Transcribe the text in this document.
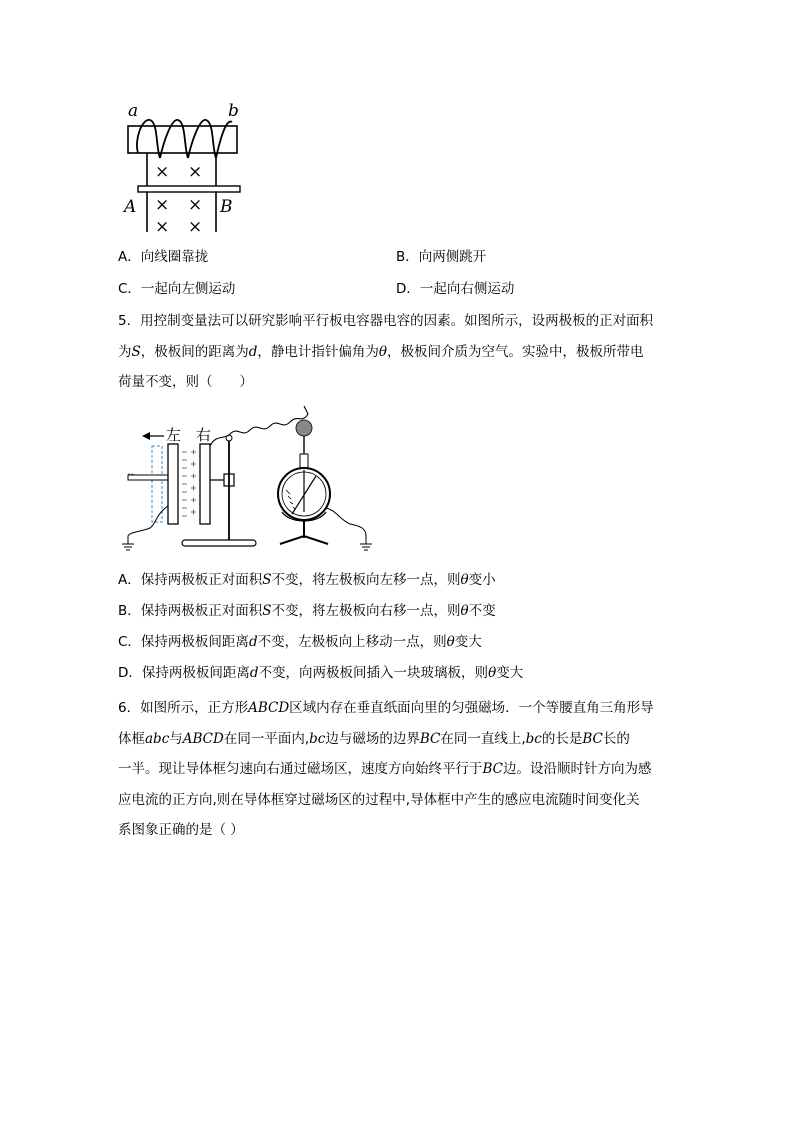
a	b
× ×
× ×
× ×
A	B
A．向线圈靠拢	B．向两侧跳开
C．一起向左侧运动	D．一起向右侧运动
5．用控制变量法可以研究影响平行板电容器电容的因素。如图所示，设两极板的正对面积
为S，极板间的距离为d，静电计指针偏角为θ，极板间介质为空气。实验中，极板所带电
荷量不变，则（　　）
左 右
A．保持两极板正对面积S不变，将左极板向左移一点，则θ变小
B．保持两极板正对面积S不变，将左极板向右移一点，则θ不变
C．保持两极板间距离d不变，左极板向上移动一点，则θ变大
D．保持两极板间距离d不变，向两极板间插入一块玻璃板，则θ变大
6．如图所示，正方形ABCD区域内存在垂直纸面向里的匀强磁场．一个等腰直角三角形导
体框abc与ABCD在同一平面内,bc边与磁场的边界BC在同一直线上,bc的长是BC长的
一半。现让导体框匀速向右通过磁场区，速度方向始终平行于BC边。设沿顺时针方向为感
应电流的正方向,则在导体框穿过磁场区的过程中,导体框中产生的感应电流随时间变化关
系图象正确的是（ ）
